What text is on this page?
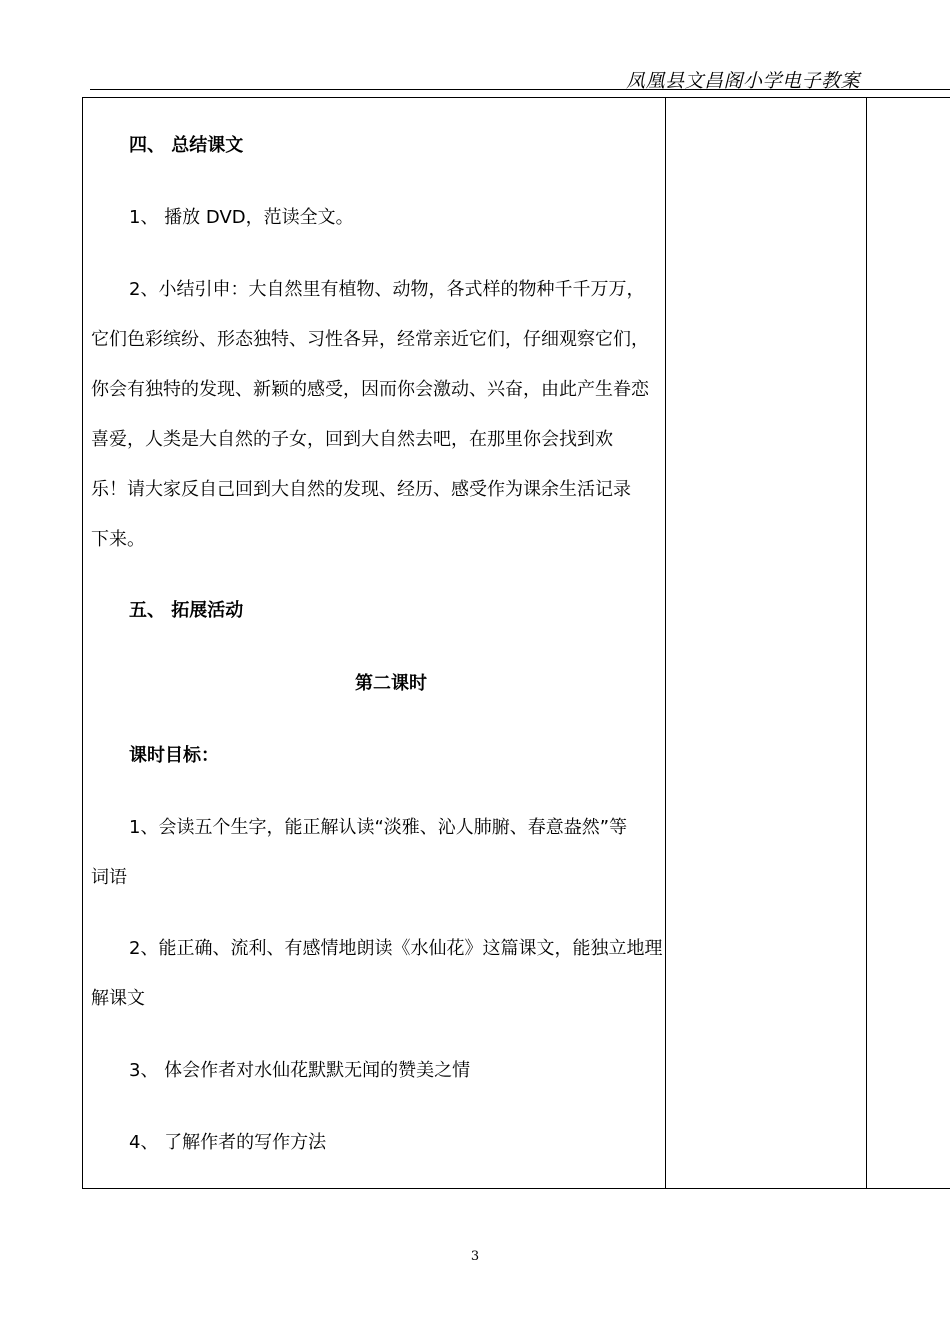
凤凰县文昌阁小学电子教案
四、 总结课文
1、 播放 DVD，范读全文。
2、小结引申：大自然里有植物、动物，各式样的物种千千万万，
它们色彩缤纷、形态独特、习性各异，经常亲近它们，仔细观察它们，
你会有独特的发现、新颖的感受，因而你会激动、兴奋，由此产生眷恋
喜爱，人类是大自然的子女，回到大自然去吧，在那里你会找到欢
乐！请大家反自己回到大自然的发现、经历、感受作为课余生活记录
下来。
五、 拓展活动
第二课时
课时目标：
1、会读五个生字，能正解认读“淡雅、沁人肺腑、春意盎然”等
词语
2、能正确、流利、有感情地朗读《水仙花》这篇课文，能独立地理
解课文
3、 体会作者对水仙花默默无闻的赞美之情
4、 了解作者的写作方法
3
